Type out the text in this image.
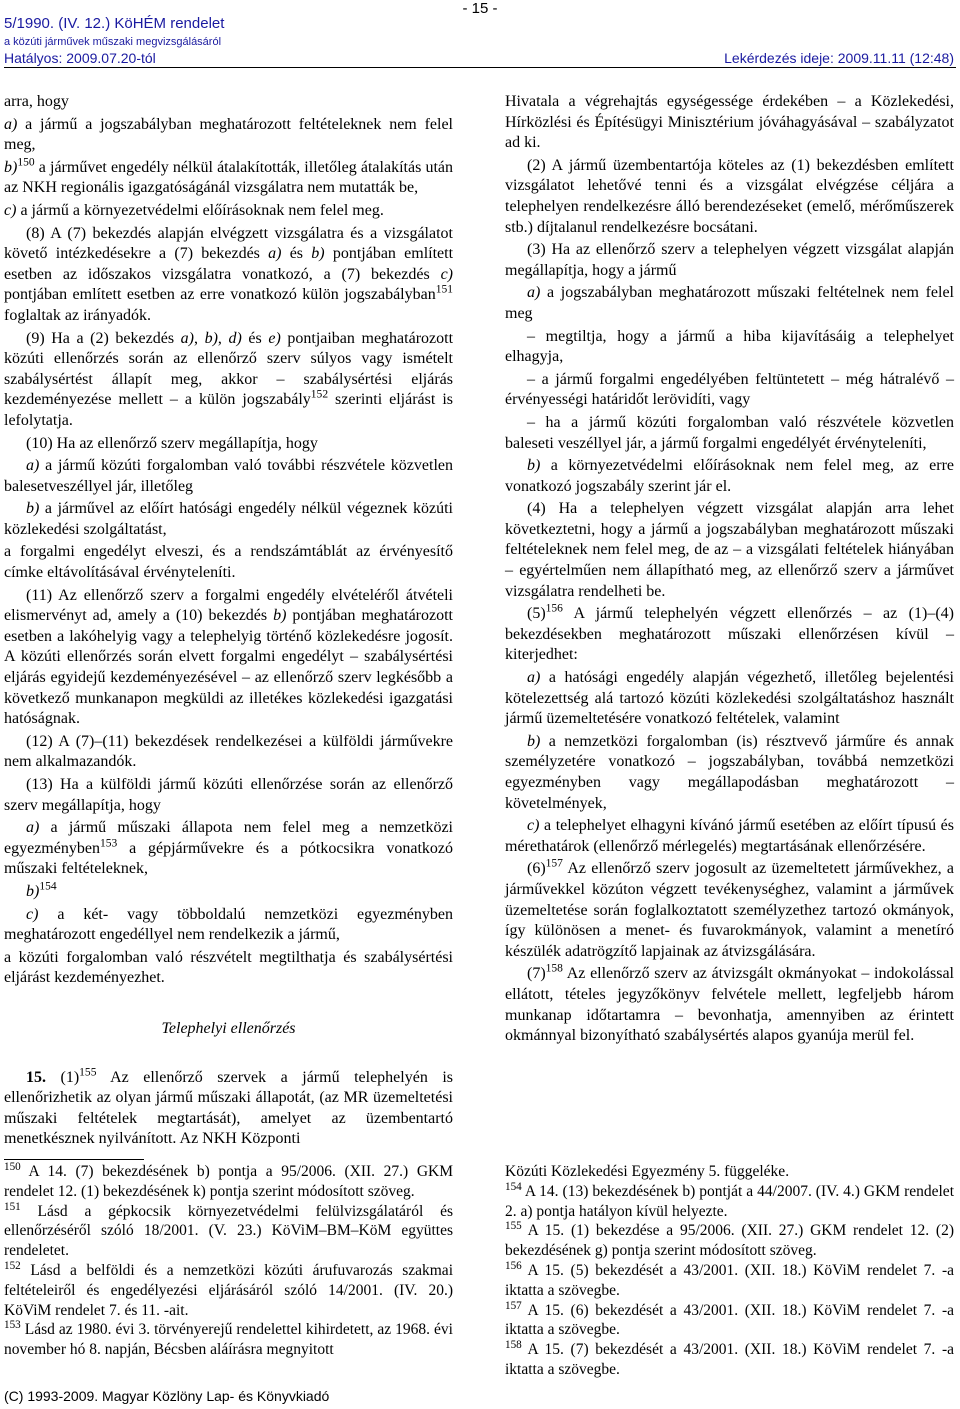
5/1990. (IV. 12.) KöHÉM rendelet
a közúti járművek műszaki megvizsgálásáról
Hatályos: 2009.07.20-tól
- 15 -
Lekérdezés ideje: 2009.11.11 (12:48)

arra, hogy

a) a jármű a jogszabályban meghatározott feltételeknek nem felel meg,

b)$^{150}$ a járművet engedély nélkül átalakították, illetőleg átalakítás után az NKH regionális igazgatóságánál vizsgálatra nem mutatták be,

c) a jármű a környezetvédelmi előírásoknak nem felel meg.

(8) A (7) bekezdés alapján elvégzett vizsgálatra és a vizsgálatot követő intézkedésekre a (7) bekezdés a) és b) pontjában említett esetben az időszakos vizsgálatra vonatkozó, a (7) bekezdés c) pontjában említett esetben az erre vonatkozó külön jogszabályban$^{151}$ foglaltak az irányadók.

(9) Ha a (2) bekezdés a), b), d) és e) pontjaiban meghatározott közúti ellenőrzés során az ellenőrző szerv súlyos vagy ismételt szabálysértést állapít meg, akkor – szabálysértési eljárás kezdeményezése mellett – a külön jogszabály$^{152}$ szerinti eljárást is lefolytatja.

(10) Ha az ellenőrző szerv megállapítja, hogy

a) a jármű közúti forgalomban való további részvétele közvetlen balesetveszéllyel jár, illetőleg

b) a járművel az előírt hatósági engedély nélkül végeznek közúti közlekedési szolgáltatást,

a forgalmi engedélyt elveszi, és a rendszámtáblát az érvényesítő címke eltávolításával érvényteleníti.

(11) Az ellenőrző szerv a forgalmi engedély elvételéről átvételi elismervényt ad, amely a (10) bekezdés b) pontjában meghatározott esetben a lakóhelyig vagy a telephelyig történő közlekedésre jogosít. A közúti ellenőrzés során elvett forgalmi engedélyt – szabálysértési eljárás egyidejű kezdeményezésével – az ellenőrző szerv legkésőbb a következő munkanapon megküldi az illetékes közlekedési igazgatási hatóságnak.

(12) A (7)–(11) bekezdések rendelkezései a külföldi járművekre nem alkalmazandók.

(13) Ha a külföldi jármű közúti ellenőrzése során az ellenőrző szerv megállapítja, hogy

a) a jármű műszaki állapota nem felel meg a nemzetközi egyezményben$^{153}$ a gépjárművekre és a pótkocsikra vonatkozó műszaki feltételeknek,

b)$^{154}$

c) a két- vagy többoldalú nemzetközi egyezményben meghatározott engedéllyel nem rendelkezik a jármű,

a közúti forgalomban való részvételt megtilthatja és szabálysértési eljárást kezdeményezhet.

Telephelyi ellenőrzés

15. $(1)^{155}$ Az ellenőrző szervek a jármű telephelyén is ellenőrizhetik az olyan jármű műszaki állapotát, (az MR üzemeltetési műszaki feltételek megtartását), amelyet az üzembentartó menetkésznek nyilvánított. Az NKH Központi

Hivatala a végrehajtás egységessége érdekében – a Közlekedési, Hírközlési és Építésügyi Minisztérium jóváhagyásával – szabályzatot ad ki.

(2) A jármű üzembentartója köteles az (1) bekezdésben említett vizsgálatot lehetővé tenni és a vizsgálat elvégzése céljára a telephelyen rendelkezésre álló berendezéseket (emelő, mérőműszerek stb.) díjtalanul rendelkezésre bocsátani.

(3) Ha az ellenőrző szerv a telephelyen végzett vizsgálat alapján megállapítja, hogy a jármű

a) a jogszabályban meghatározott műszaki feltételnek nem felel meg

– megtiltja, hogy a jármű a hiba kijavításáig a telephelyet elhagyja,

– a jármű forgalmi engedélyében feltüntetett – még hátralévő – érvényességi határidőt lerövidíti, vagy

– ha a jármű közúti forgalomban való részvétele közvetlen baleseti veszéllyel jár, a jármű forgalmi engedélyét érvényteleníti,

b) a környezetvédelmi előírásoknak nem felel meg, az erre vonatkozó jogszabály szerint jár el.

(4) Ha a telephelyen végzett vizsgálat alapján arra lehet következtetni, hogy a jármű a jogszabályban meghatározott műszaki feltételeknek nem felel meg, de az – a vizsgálati feltételek hiányában – egyértelműen nem állapítható meg, az ellenőrző szerv a járművet vizsgálatra rendelheti be.

$(5)^{156}$ A jármű telephelyén végzett ellenőrzés – az (1)–(4) bekezdésekben meghatározott műszaki ellenőrzésen kívül – kiterjedhet:

a) a hatósági engedély alapján végezhető, illetőleg bejelentési kötelezettség alá tartozó közúti közlekedési szolgáltatáshoz használt jármű üzemeltetésére vonatkozó feltételek, valamint

b) a nemzetközi forgalomban (is) résztvevő járműre és annak személyzetére vonatkozó – jogszabályban, továbbá nemzetközi egyezményben vagy megállapodásban meghatározott – követelmények,

c) a telephelyet elhagyni kívánó jármű esetében az előírt típusú és mérethatárok (ellenőrző mérlegelés) megtartásának ellenőrzésére.

$(6)^{157}$ Az ellenőrző szerv jogosult az üzemeltetett járművekhez, a járművekkel közúton végzett tevékenységhez, valamint a járművek üzemeltetése során foglalkoztatott személyzethez tartozó okmányok, így különösen a menet- és fuvarokmányok, valamint a menetíró készülék adatrögzítő lapjainak az átvizsgálására.

$(7)^{158}$ Az ellenőrző szerv az átvizsgált okmányokat – indokolással ellátott, tételes jegyzőkönyv felvétele mellett, legfeljebb három munkanap időtartamra – bevonhatja, amennyiben az érintett okmánnyal bizonyítható szabálysértés alapos gyanúja merül fel.

$^{150}$ A 14. (7) bekezdésének b) pontja a 95/2006. (XII. 27.) GKM rendelet 12. (1) bekezdésének k) pontja szerint módosított szöveg.

$^{151}$ Lásd a gépkocsik környezetvédelmi felülvizsgálatáról és ellenőrzéséről szóló 18/2001. (V. 23.) KöViM–BM–KöM együttes rendeletet.

$^{152}$ Lásd a belföldi és a nemzetközi közúti árufuvarozás szakmai feltételeiről és engedélyezési eljárásáról szóló 14/2001. (IV. 20.) KöViM rendelet 7. és 11. -ait.

$^{153}$ Lásd az 1980. évi 3. törvényerejű rendelettel kihirdetett, az 1968. évi november hó 8. napján, Bécsben aláírásra megnyitott

Közúti Közlekedési Egyezmény 5. függeléke.

$^{154}$ A 14. (13) bekezdésének b) pontját a 44/2007. (IV. 4.) GKM rendelet 2. a) pontja hatályon kívül helyezte.

$^{155}$ A 15. (1) bekezdése a 95/2006. (XII. 27.) GKM rendelet 12. (2) bekezdésének g) pontja szerint módosított szöveg.

$^{156}$ A 15. (5) bekezdését a 43/2001. (XII. 18.) KöViM rendelet 7. -a iktatta a szövegbe.

$^{157}$ A 15. (6) bekezdését a 43/2001. (XII. 18.) KöViM rendelet 7. -a iktatta a szövegbe.

$^{158}$ A 15. (7) bekezdését a 43/2001. (XII. 18.) KöViM rendelet 7. -a iktatta a szövegbe.

(C) 1993-2009. Magyar Közlöny Lap- és Könyvkiadó
